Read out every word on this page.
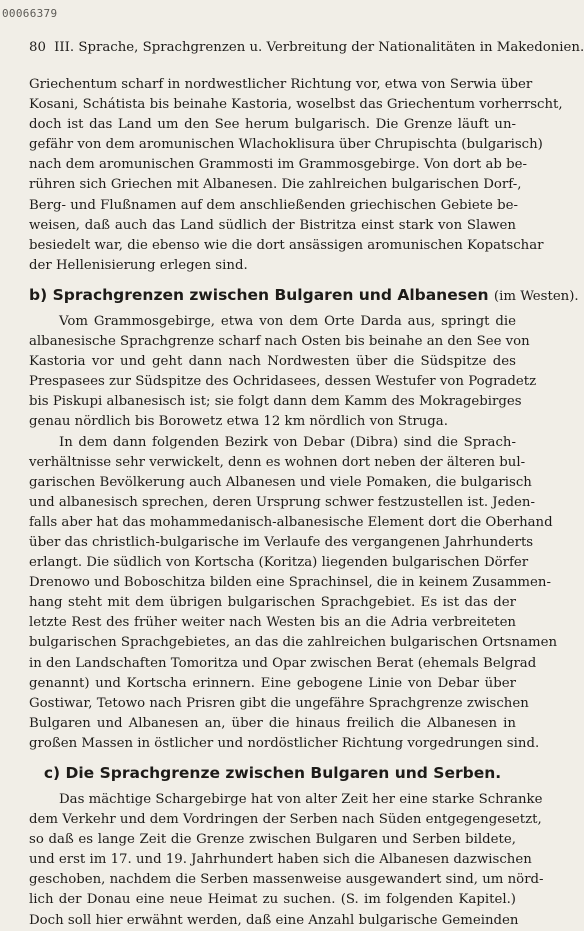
00066379
80 III. Sprache, Sprachgrenzen u. Verbreitung der Nationalitäten in Makedonien.
Griechentum scharf in nordwestlicher Richtung vor, etwa von Serwia über
Kosani, Schátista bis beinahe Kastoria, woselbst das Griechentum vorherrscht,
doch ist das Land um den See herum bulgarisch. Die Grenze läuft un-
gefähr von dem aromunischen Wlachoklisura über Chrupischta (bulgarisch)
nach dem aromunischen Grammosti im Grammosgebirge. Von dort ab be-
rühren sich Griechen mit Albanesen. Die zahlreichen bulgarischen Dorf-,
Berg- und Flußnamen auf dem anschließenden griechischen Gebiete be-
weisen, daß auch das Land südlich der Bistritza einst stark von Slawen
besiedelt war, die ebenso wie die dort ansässigen aromunischen Kopatschar
der Hellenisierung erlegen sind.
b) Sprachgrenzen zwischen Bulgaren und Albanesen (im Westen).
Vom Grammosgebirge, etwa von dem Orte Darda aus, springt die
albanesische Sprachgrenze scharf nach Osten bis beinahe an den See von
Kastoria vor und geht dann nach Nordwesten über die Südspitze des
Prespasees zur Südspitze des Ochridasees, dessen Westufer von Pogradetz
bis Piskupi albanesisch ist; sie folgt dann dem Kamm des Mokragebirges
genau nördlich bis Borowetz etwa 12 km nördlich von Struga.
In dem dann folgenden Bezirk von Debar (Dibra) sind die Sprach-
verhältnisse sehr verwickelt, denn es wohnen dort neben der älteren bul-
garischen Bevölkerung auch Albanesen und viele Pomaken, die bulgarisch
und albanesisch sprechen, deren Ursprung schwer festzustellen ist. Jeden-
falls aber hat das mohammedanisch-albanesische Element dort die Oberhand
über das christlich-bulgarische im Verlaufe des vergangenen Jahrhunderts
erlangt. Die südlich von Kortscha (Koritza) liegenden bulgarischen Dörfer
Drenowo und Boboschitza bilden eine Sprachinsel, die in keinem Zusammen-
hang steht mit dem übrigen bulgarischen Sprachgebiet. Es ist das der
letzte Rest des früher weiter nach Westen bis an die Adria verbreiteten
bulgarischen Sprachgebietes, an das die zahlreichen bulgarischen Ortsnamen
in den Landschaften Tomoritza und Opar zwischen Berat (ehemals Belgrad
genannt) und Kortscha erinnern. Eine gebogene Linie von Debar über
Gostiwar, Tetowo nach Prisren gibt die ungefähre Sprachgrenze zwischen
Bulgaren und Albanesen an, über die hinaus freilich die Albanesen in
großen Massen in östlicher und nordöstlicher Richtung vorgedrungen sind.
c) Die Sprachgrenze zwischen Bulgaren und Serben.
Das mächtige Schargebirge hat von alter Zeit her eine starke Schranke
dem Verkehr und dem Vordringen der Serben nach Süden entgegengesetzt,
so daß es lange Zeit die Grenze zwischen Bulgaren und Serben bildete,
und erst im 17. und 19. Jahrhundert haben sich die Albanesen dazwischen
geschoben, nachdem die Serben massenweise ausgewandert sind, um nörd-
lich der Donau eine neue Heimat zu suchen. (S. im folgenden Kapitel.)
Doch soll hier erwähnt werden, daß eine Anzahl bulgarische Gemeinden
